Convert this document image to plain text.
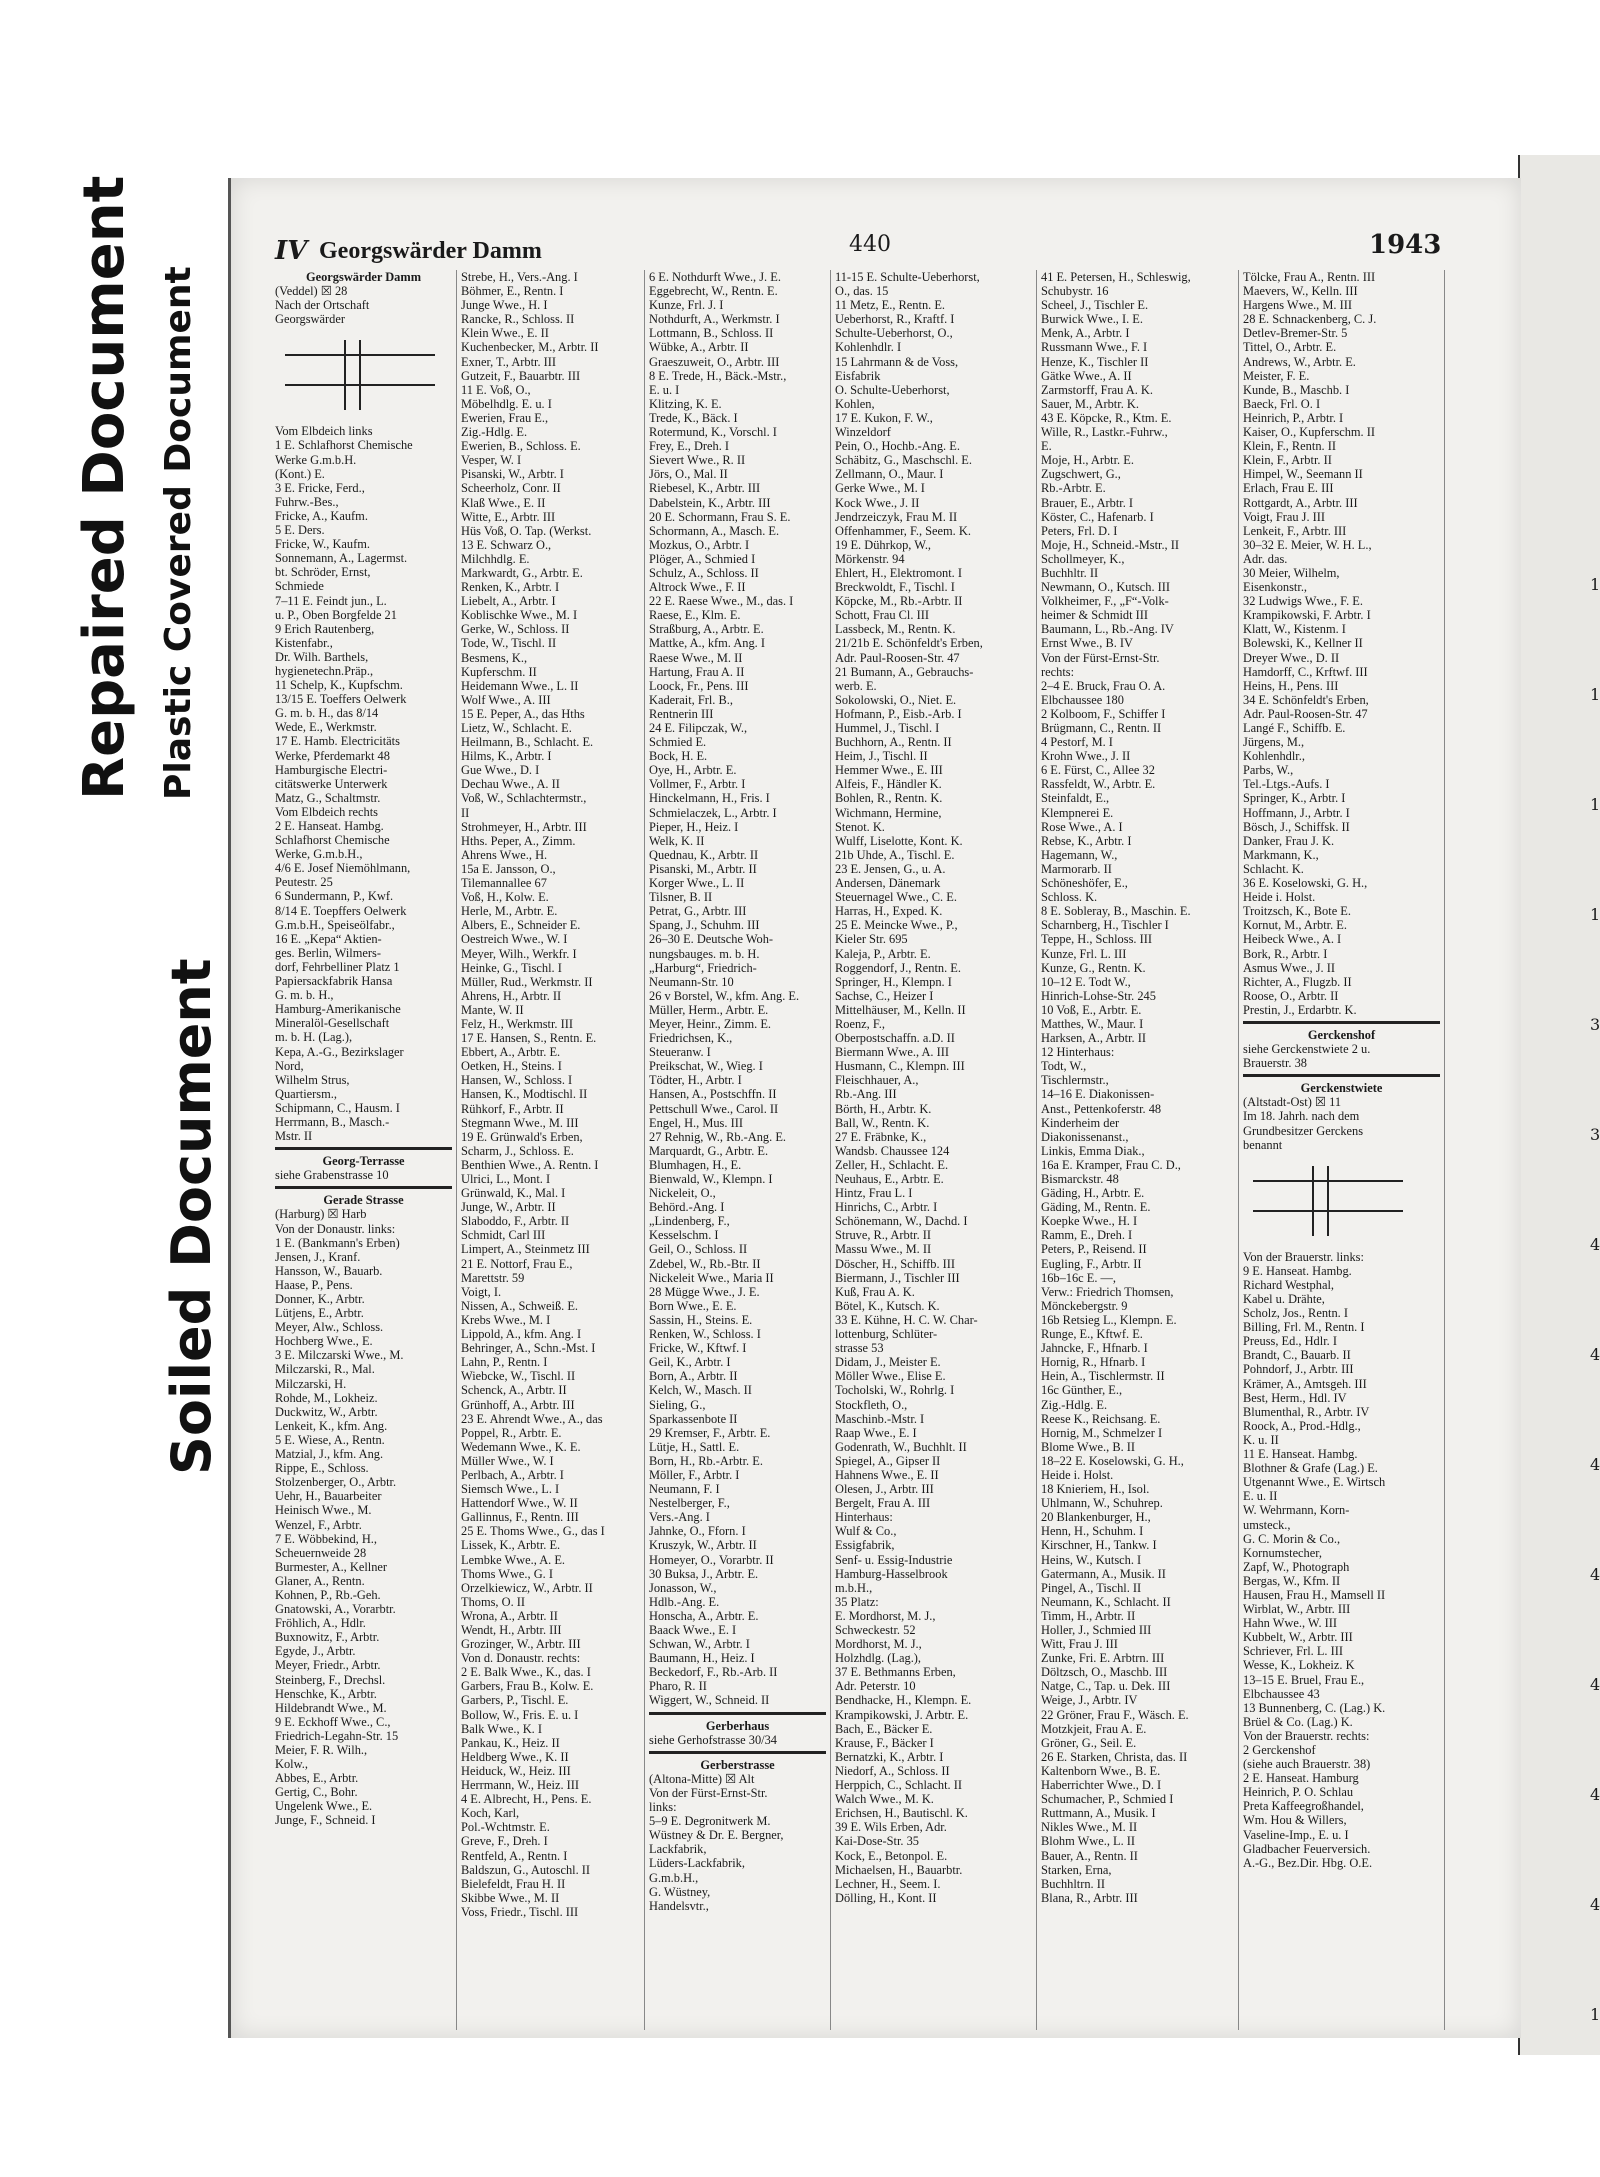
Repaired Document Plastic Covered Document
Soiled Document
1
1
1
1
3
3
4
4
4
4
4
4
4
1
IV Georgswärder Damm	440	1943
Georgswärder Damm
(Veddel) ☒ 28
Nach der Ortschaft
Georgswärder
Vom Elbdeich links
1 E. Schlafhorst Chemische
Werke G.m.b.H.
(Kont.) E.
3 E. Fricke, Ferd.,
Fuhrw.-Bes.,
Fricke, A., Kaufm.
5 E. Ders.
Fricke, W., Kaufm.
Sonnemann, A., Lagermst.
bt. Schröder, Ernst,
Schmiede
7–11 E. Feindt jun., L.
u. P., Oben Borgfelde 21
9 Erich Rautenberg,
Kistenfabr.,
Dr. Wilh. Barthels,
hygienetechn.Präp.,
11 Schelp, K., Kupfschm.
13/15 E. Toeffers Oelwerk
G. m. b. H., das 8/14
Wede, E., Werkmstr.
17 E. Hamb. Electricitäts
Werke, Pferdemarkt 48
Hamburgische Electri-
citätswerke Unterwerk
Matz, G., Schaltmstr.
Vom Elbdeich rechts
2 E. Hanseat. Hambg.
Schlafhorst Chemische
Werke, G.m.b.H.,
4/6 E. Josef Niemöhlmann,
Peutestr. 25
6 Sundermann, P., Kwf.
8/14 E. Toepffers Oelwerk
G.m.b.H., Speiseölfabr.,
16 E. „Kepa“ Aktien-
ges. Berlin, Wilmers-
dorf, Fehrbelliner Platz 1
Papiersackfabrik Hansa
G. m. b. H.,
Hamburg-Amerikanische
Mineralöl-Gesellschaft
m. b. H. (Lag.),
Kepa, A.-G., Bezirkslager
Nord,
Wilhelm Strus,
Quartiersm.,
Schipmann, C., Hausm. I
Herrmann, B., Masch.-
Mstr. II
Georg-Terrasse
siehe Grabenstrasse 10
Gerade Strasse
(Harburg) ☒ Harb
Von der Donaustr. links:
1 E. (Bankmann's Erben)
Jensen, J., Kranf.
Hansson, W., Bauarb.
Haase, P., Pens.
Donner, K., Arbtr.
Lütjens, E., Arbtr.
Meyer, Alw., Schloss.
Hochberg Wwe., E.
3 E. Milczarski Wwe., M.
Milczarski, R., Mal.
Milczarski, H.
Rohde, M., Lokheiz.
Duckwitz, W., Arbtr.
Lenkeit, K., kfm. Ang.
5 E. Wiese, A., Rentn.
Matzial, J., kfm. Ang.
Rippe, E., Schloss.
Stolzenberger, O., Arbtr.
Uehr, H., Bauarbeiter
Heinisch Wwe., M.
Wenzel, F., Arbtr.
7 E. Wöbbekind, H.,
Scheuernweide 28
Burmester, A., Kellner
Glaner, A., Rentn.
Kohnen, P., Rb.-Geh.
Gnatowski, A., Vorarbtr.
Fröhlich, A., Hdlr.
Buxnowitz, F., Arbtr.
Egyde, J., Arbtr.
Meyer, Friedr., Arbtr.
Steinberg, F., Drechsl.
Henschke, K., Arbtr.
Hildebrandt Wwe., M.
9 E. Eckhoff Wwe., C.,
Friedrich-Legahn-Str. 15
Meier, F. R. Wilh.,
Kolw.,
Abbes, E., Arbtr.
Gertig, C., Bohr.
Ungelenk Wwe., E.
Junge, F., Schneid. I
Strebe, H., Vers.-Ang. I
Böhmer, E., Rentn. I
Junge Wwe., H. I
Rancke, R., Schloss. II
Klein Wwe., E. II
Kuchenbecker, M., Arbtr. II
Exner, T., Arbtr. III
Gutzeit, F., Bauarbtr. III
11 E. Voß, O.,
Möbelhdlg. E. u. I
Ewerien, Frau E.,
Zig.-Hdlg. E.
Ewerien, B., Schloss. E.
Vesper, W. I
Pisanski, W., Arbtr. I
Scheerholz, Conr. II
Klaß Wwe., E. II
Witte, E., Arbtr. III
Hüs Voß, O. Tap. (Werkst.
13 E. Schwarz O.,
Milchhdlg. E.
Markwardt, G., Arbtr. E.
Renken, K., Arbtr. I
Liebelt, A., Arbtr. I
Koblischke Wwe., M. I
Gerke, W., Schloss. II
Tode, W., Tischl. II
Besmens, K.,
Kupferschm. II
Heidemann Wwe., L. II
Wolf Wwe., A. III
15 E. Peper, A., das Hths
Lietz, W., Schlacht. E.
Heilmann, B., Schlacht. E.
Hilms, K., Arbtr. I
Gue Wwe., D. I
Dechau Wwe., A. II
Voß, W., Schlachtermstr.,
II
Strohmeyer, H., Arbtr. III
Hths. Peper, A., Zimm.
Ahrens Wwe., H.
15a E. Jansson, O.,
Tilemannallee 67
Voß, H., Kolw. E.
Herle, M., Arbtr. E.
Albers, E., Schneider E.
Oestreich Wwe., W. I
Meyer, Wilh., Werkfr. I
Heinke, G., Tischl. I
Müller, Rud., Werkmstr. II
Ahrens, H., Arbtr. II
Mante, W. II
Felz, H., Werkmstr. III
17 E. Hansen, S., Rentn. E.
Ebbert, A., Arbtr. E.
Oetken, H., Steins. I
Hansen, W., Schloss. I
Hansen, K., Modtischl. II
Rühkorf, F., Arbtr. II
Stegmann Wwe., M. III
19 E. Grünwald's Erben,
Scharm, J., Schloss. E.
Benthien Wwe., A. Rentn. I
Ulrici, L., Mont. I
Grünwald, K., Mal. I
Junge, W., Arbtr. II
Slaboddo, F., Arbtr. II
Schmidt, Carl III
Limpert, A., Steinmetz III
21 E. Nottorf, Frau E.,
Marettstr. 59
Voigt, I.
Nissen, A., Schweiß. E.
Krebs Wwe., M. I
Lippold, A., kfm. Ang. I
Behringer, A., Schn.-Mst. I
Lahn, P., Rentn. I
Wiebcke, W., Tischl. II
Schenck, A., Arbtr. II
Grünhoff, A., Arbtr. III
23 E. Ahrendt Wwe., A., das
Poppel, R., Arbtr. E.
Wedemann Wwe., K. E.
Müller Wwe., W. I
Perlbach, A., Arbtr. I
Siemsch Wwe., L. I
Hattendorf Wwe., W. II
Gallinnus, F., Rentn. III
25 E. Thoms Wwe., G., das I
Lissek, K., Arbtr. E.
Lembke Wwe., A. E.
Thoms Wwe., G. I
Orzelkiewicz, W., Arbtr. II
Thoms, O. II
Wrona, A., Arbtr. II
Wendt, H., Arbtr. III
Grozinger, W., Arbtr. III
Von d. Donaustr. rechts:
2 E. Balk Wwe., K., das. I
Garbers, Frau B., Kolw. E.
Garbers, P., Tischl. E.
Bollow, W., Fris. E. u. I
Balk Wwe., K. I
Pankau, K., Heiz. II
Heldberg Wwe., K. II
Heiduck, W., Heiz. III
Herrmann, W., Heiz. III
4 E. Albrecht, H., Pens. E.
Koch, Karl,
Pol.-Wchtmstr. E.
Greve, F., Dreh. I
Rentfeld, A., Rentn. I
Baldszun, G., Autoschl. II
Bielefeldt, Frau H. II
Skibbe Wwe., M. II
Voss, Friedr., Tischl. III
6 E. Nothdurft Wwe., J. E.
Eggebrecht, W., Rentn. E.
Kunze, Frl. J. I
Nothdurft, A., Werkmstr. I
Lottmann, B., Schloss. II
Wübke, A., Arbtr. II
Graeszuweit, O., Arbtr. III
8 E. Trede, H., Bäck.-Mstr.,
E. u. I
Klitzing, K. E.
Trede, K., Bäck. I
Rotermund, K., Vorschl. I
Frey, E., Dreh. I
Sievert Wwe., R. II
Jörs, O., Mal. II
Riebesel, K., Arbtr. III
Dabelstein, K., Arbtr. III
20 E. Schormann, Frau S. E.
Schormann, A., Masch. E.
Mozkus, O., Arbtr. I
Plöger, A., Schmied I
Schulz, A., Schloss. II
Altrock Wwe., F. II
22 E. Raese Wwe., M., das. I
Raese, E., Klm. E.
Straßburg, A., Arbtr. E.
Mattke, A., kfm. Ang. I
Raese Wwe., M. II
Hartung, Frau A. II
Loock, Fr., Pens. III
Kaderait, Frl. B.,
Rentnerin III
24 E. Filipczak, W.,
Schmied E.
Bock, H. E.
Oye, H., Arbtr. E.
Vollmer, F., Arbtr. I
Hinckelmann, H., Fris. I
Schmielaczek, L., Arbtr. I
Pieper, H., Heiz. I
Welk, K. II
Quednau, K., Arbtr. II
Pisanski, M., Arbtr. II
Korger Wwe., L. II
Tilsner, B. II
Petrat, G., Arbtr. III
Spang, J., Schuhm. III
26–30 E. Deutsche Woh-
nungsbauges. m. b. H.
„Harburg“, Friedrich-
Neumann-Str. 10
26 v Borstel, W., kfm. Ang. E.
Müller, Herm., Arbtr. E.
Meyer, Heinr., Zimm. E.
Friedrichsen, K.,
Steueranw. I
Preikschat, W., Wieg. I
Tödter, H., Arbtr. I
Hansen, A., Postschffn. II
Pettschull Wwe., Carol. II
Engel, H., Mus. III
27 Rehnig, W., Rb.-Ang. E.
Marquardt, G., Arbtr. E.
Blumhagen, H., E.
Bienwald, W., Klempn. I
Nickeleit, O.,
Behörd.-Ang. I
„Lindenberg, F.,
Kesselschm. I
Geil, O., Schloss. II
Zdebel, W., Rb.-Btr. II
Nickeleit Wwe., Maria II
28 Mügge Wwe., J. E.
Born Wwe., E. E.
Sassin, H., Steins. E.
Renken, W., Schloss. I
Fricke, W., Kftwf. I
Geil, K., Arbtr. I
Born, A., Arbtr. II
Kelch, W., Masch. II
Sieling, G.,
Sparkassenbote II
29 Kremser, F., Arbtr. E.
Lütje, H., Sattl. E.
Born, H., Rb.-Arbtr. E.
Möller, F., Arbtr. I
Neumann, F. I
Nestelberger, F.,
Vers.-Ang. I
Jahnke, O., Fforn. I
Kruszyk, W., Arbtr. II
Homeyer, O., Vorarbtr. II
30 Buksa, J., Arbtr. E.
Jonasson, W.,
Hdlb.-Ang. E.
Honscha, A., Arbtr. E.
Baack Wwe., E. I
Schwan, W., Arbtr. I
Baumann, H., Heiz. I
Beckedorf, F., Rb.-Arb. II
Pharo, R. II
Wiggert, W., Schneid. II
Gerberhaus
siehe Gerhofstrasse 30/34
Gerberstrasse
(Altona-Mitte) ☒ Alt
Von der Fürst-Ernst-Str.
links:
5–9 E. Degronitwerk M.
Wüstney & Dr. E. Bergner,
Lackfabrik,
Lüders-Lackfabrik,
G.m.b.H.,
G. Wüstney,
Handelsvtr.,
11-15 E. Schulte-Ueberhorst,
O., das. 15
11 Metz, E., Rentn. E.
Ueberhorst, R., Kraftf. I
Schulte-Ueberhorst, O.,
Kohlenhdlr. I
15 Lahrmann & de Voss,
Eisfabrik
O. Schulte-Ueberhorst,
Kohlen,
17 E. Kukon, F. W.,
Winzeldorf
Pein, O., Hochb.-Ang. E.
Schäbitz, G., Maschschl. E.
Zellmann, O., Maur. I
Gerke Wwe., M. I
Kock Wwe., J. II
Jendrzeiczyk, Frau M. II
Offenhammer, F., Seem. K.
19 E. Dührkop, W.,
Mörkenstr. 94
Ehlert, H., Elektromont. I
Breckwoldt, F., Tischl. I
Köpcke, M., Rb.-Arbtr. II
Schott, Frau Cl. III
Lassbeck, M., Rentn. K.
21/21b E. Schönfeldt's Erben,
Adr. Paul-Roosen-Str. 47
21 Bumann, A., Gebrauchs-
werb. E.
Sokolowski, O., Niet. E.
Hofmann, P., Eisb.-Arb. I
Hummel, J., Tischl. I
Buchhorn, A., Rentn. II
Heim, J., Tischl. II
Hemmer Wwe., E. III
Alfeis, F., Händler K.
Bohlen, R., Rentn. K.
Wichmann, Hermine,
Stenot. K.
Wulff, Liselotte, Kont. K.
21b Uhde, A., Tischl. E.
23 E. Jensen, G., u. A.
Andersen, Dänemark
Steuernagel Wwe., C. E.
Harras, H., Exped. K.
25 E. Meincke Wwe., P.,
Kieler Str. 695
Kaleja, P., Arbtr. E.
Roggendorf, J., Rentn. E.
Springer, H., Klempn. I
Sachse, C., Heizer I
Mittelhäuser, M., Kelln. II
Roenz, F.,
Oberpostschaffn. a.D. II
Biermann Wwe., A. III
Husmann, C., Klempn. III
Fleischhauer, A.,
Rb.-Ang. III
Börth, H., Arbtr. K.
Ball, W., Rentn. K.
27 E. Fräbnke, K.,
Wandsb. Chaussee 124
Zeller, H., Schlacht. E.
Neuhaus, E., Arbtr. E.
Hintz, Frau L. I
Hinrichs, C., Arbtr. I
Schönemann, W., Dachd. I
Struve, R., Arbtr. II
Massu Wwe., M. II
Döscher, H., Schiffb. III
Biermann, J., Tischler III
Kuß, Frau A. K.
Bötel, K., Kutsch. K.
33 E. Kühne, H. C. W. Char-
lottenburg, Schlüter-
strasse 53
Didam, J., Meister E.
Möller Wwe., Elise E.
Tocholski, W., Rohrlg. I
Stockfleth, O.,
Maschinb.-Mstr. I
Raap Wwe., E. I
Godenrath, W., Buchhlt. II
Spiegel, A., Gipser II
Hahnens Wwe., E. II
Olesen, J., Arbtr. III
Bergelt, Frau A. III
Hinterhaus:
Wulf & Co.,
Essigfabrik,
Senf- u. Essig-Industrie
Hamburg-Hasselbrook
m.b.H.,
35 Platz:
E. Mordhorst, M. J.,
Schweckestr. 52
Mordhorst, M. J.,
Holzhdlg. (Lag.),
37 E. Bethmanns Erben,
Adr. Peterstr. 10
Bendhacke, H., Klempn. E.
Krampikowski, J. Arbtr. E.
Bach, E., Bäcker E.
Krause, F., Bäcker I
Bernatzki, K., Arbtr. I
Niedorf, A., Schloss. II
Herppich, C., Schlacht. II
Walch Wwe., M. K.
Erichsen, H., Bautischl. K.
39 E. Wils Erben, Adr.
Kai-Dose-Str. 35
Kock, E., Betonpol. E.
Michaelsen, H., Bauarbtr.
Lechner, H., Seem. I.
Dölling, H., Kont. II
41 E. Petersen, H., Schleswig,
Schubystr. 16
Scheel, J., Tischler E.
Burwick Wwe., I. E.
Menk, A., Arbtr. I
Russmann Wwe., F. I
Henze, K., Tischler II
Gätke Wwe., A. II
Zarmstorff, Frau A. K.
Sauer, M., Arbtr. K.
43 E. Köpcke, R., Ktm. E.
Wille, R., Lastkr.-Fuhrw.,
E.
Moje, H., Arbtr. E.
Zugschwert, G.,
Rb.-Arbtr. E.
Brauer, E., Arbtr. I
Köster, C., Hafenarb. I
Peters, Frl. D. I
Moje, H., Schneid.-Mstr., II
Schollmeyer, K.,
Buchhltr. II
Newmann, O., Kutsch. III
Volkheimer, F., „F“-Volk-
heimer & Schmidt III
Baumann, L., Rb.-Ang. IV
Ernst Wwe., B. IV
Von der Fürst-Ernst-Str.
rechts:
2–4 E. Bruck, Frau O. A.
Elbchaussee 180
2 Kolboom, F., Schiffer I
Brügmann, C., Rentn. II
4 Pestorf, M. I
Krohn Wwe., J. II
6 E. Fürst, C., Allee 32
Rassfeldt, W., Arbtr. E.
Steinfaldt, E.,
Klempnerei E.
Rose Wwe., A. I
Rebse, K., Arbtr. I
Hagemann, W.,
Marmorarb. II
Schöneshöfer, E.,
Schloss. K.
8 E. Sobleray, B., Maschin. E.
Scharnberg, H., Tischler I
Teppe, H., Schloss. III
Kunze, Frl. L. III
Kunze, G., Rentn. K.
10–12 E. Todt W.,
Hinrich-Lohse-Str. 245
10 Voß, E., Arbtr. E.
Matthes, W., Maur. I
Harksen, A., Arbtr. II
12 Hinterhaus:
Todt, W.,
Tischlermstr.,
14–16 E. Diakonissen-
Anst., Pettenkoferstr. 48
Kinderheim der
Diakonissenanst.,
Linkis, Emma Diak.,
16a E. Kramper, Frau C. D.,
Bismarckstr. 48
Gäding, H., Arbtr. E.
Gäding, M., Rentn. E.
Koepke Wwe., H. I
Ramm, E., Dreh. I
Peters, P., Reisend. II
Eugling, F., Arbtr. II
16b–16c E. —,
Verw.: Friedrich Thomsen,
Mönckebergstr. 9
16b Retsieg L., Klempn. E.
Runge, E., Kftwf. E.
Jahncke, F., Hfnarb. I
Hornig, R., Hfnarb. I
Hein, A., Tischlermstr. II
16c Günther, E.,
Zig.-Hdlg. E.
Reese K., Reichsang. E.
Hornig, M., Schmelzer I
Blome Wwe., B. II
18–22 E. Koselowski, G. H.,
Heide i. Holst.
18 Knieriem, H., Isol.
Uhlmann, W., Schuhrep.
20 Blankenburger, H.,
Henn, H., Schuhm. I
Kirschner, H., Tankw. I
Heins, W., Kutsch. I
Gatermann, A., Musik. II
Pingel, A., Tischl. II
Neumann, K., Schlacht. II
Timm, H., Arbtr. II
Holler, J., Schmied III
Witt, Frau J. III
Zunke, Fri. E. Arbtrn. III
Döltzsch, O., Maschb. III
Natge, C., Tap. u. Dek. III
Weige, J., Arbtr. IV
22 Gröner, Frau F., Wäsch. E.
Motzkjeit, Frau A. E.
Gröner, G., Seil. E.
26 E. Starken, Christa, das. II
Kaltenborn Wwe., B. E.
Haberrichter Wwe., D. I
Schumacher, P., Schmied I
Ruttmann, A., Musik. I
Nikles Wwe., M. II
Blohm Wwe., L. II
Bauer, A., Rentn. II
Starken, Erna,
Buchhltrn. II
Blana, R., Arbtr. III
Tölcke, Frau A., Rentn. III
Maevers, W., Kelln. III
Hargens Wwe., M. III
28 E. Schnackenberg, C. J.
Detlev-Bremer-Str. 5
Tittel, O., Arbtr. E.
Andrews, W., Arbtr. E.
Meister, F. E.
Kunde, B., Maschb. I
Baeck, Frl. O. I
Heinrich, P., Arbtr. I
Kaiser, O., Kupferschm. II
Klein, F., Rentn. II
Klein, F., Arbtr. II
Himpel, W., Seemann II
Erlach, Frau E. III
Rottgardt, A., Arbtr. III
Voigt, Frau J. III
Lenkeit, F., Arbtr. III
30–32 E. Meier, W. H. L.,
Adr. das.
30 Meier, Wilhelm,
Eisenkonstr.,
32 Ludwigs Wwe., F. E.
Krampikowski, F. Arbtr. I
Klatt, W., Kistenm. I
Bolewski, K., Kellner II
Dreyer Wwe., D. II
Hamdorff, C., Krftwf. III
Heins, H., Pens. III
34 E. Schönfeldt's Erben,
Adr. Paul-Roosen-Str. 47
Langé F., Schiffb. E.
Jürgens, M.,
Kohlenhdlr.,
Parbs, W.,
Tel.-Ltgs.-Aufs. I
Springer, K., Arbtr. I
Hoffmann, J., Arbtr. I
Bösch, J., Schiffsk. II
Danker, Frau J. K.
Markmann, K.,
Schlacht. K.
36 E. Koselowski, G. H.,
Heide i. Holst.
Troitzsch, K., Bote E.
Kornut, M., Arbtr. E.
Heibeck Wwe., A. I
Bork, R., Arbtr. I
Asmus Wwe., J. II
Richter, A., Flugzb. II
Roose, O., Arbtr. II
Prestin, J., Erdarbtr. K.
Gerckenshof
siehe Gerckenstwiete 2 u.
Brauerstr. 38
Gerckenstwiete
(Altstadt-Ost) ☒ 11
Im 18. Jahrh. nach dem
Grundbesitzer Gerckens
benannt
Von der Brauerstr. links:
9 E. Hanseat. Hambg.
Richard Westphal,
Kabel u. Drähte,
Scholz, Jos., Rentn. I
Billing, Frl. M., Rentn. I
Preuss, Ed., Hdlr. I
Brandt, C., Bauarb. II
Pohndorf, J., Arbtr. III
Krämer, A., Amtsgeh. III
Best, Herm., Hdl. IV
Blumenthal, R., Arbtr. IV
Roock, A., Prod.-Hdlg.,
K. u. II
11 E. Hanseat. Hambg.
Blothner & Grafe (Lag.) E.
Utgenannt Wwe., E. Wirtsch
E. u. II
W. Wehrmann, Korn-
umsteck.,
G. C. Morin & Co.,
Kornumstecher,
Zapf, W., Photograph
Bergas, W., Kfm. II
Hausen, Frau H., Mamsell II
Wirblat, W., Arbtr. III
Hahn Wwe., W. III
Kubbelt, W., Arbtr. III
Schriever, Frl. L. III
Wesse, K., Lokheiz. K
13–15 E. Bruel, Frau E.,
Elbchaussee 43
13 Bunnenberg, C. (Lag.) K.
Brüel & Co. (Lag.) K.
Von der Brauerstr. rechts:
2 Gerckenshof
(siehe auch Brauerstr. 38)
2 E. Hanseat. Hamburg
Heinrich, P. O. Schlau
Preta Kaffeegroßhandel,
Wm. Hou & Willers,
Vaseline-Imp., E. u. I
Gladbacher Feuerversich.
A.-G., Bez.Dir. Hbg. O.E.
